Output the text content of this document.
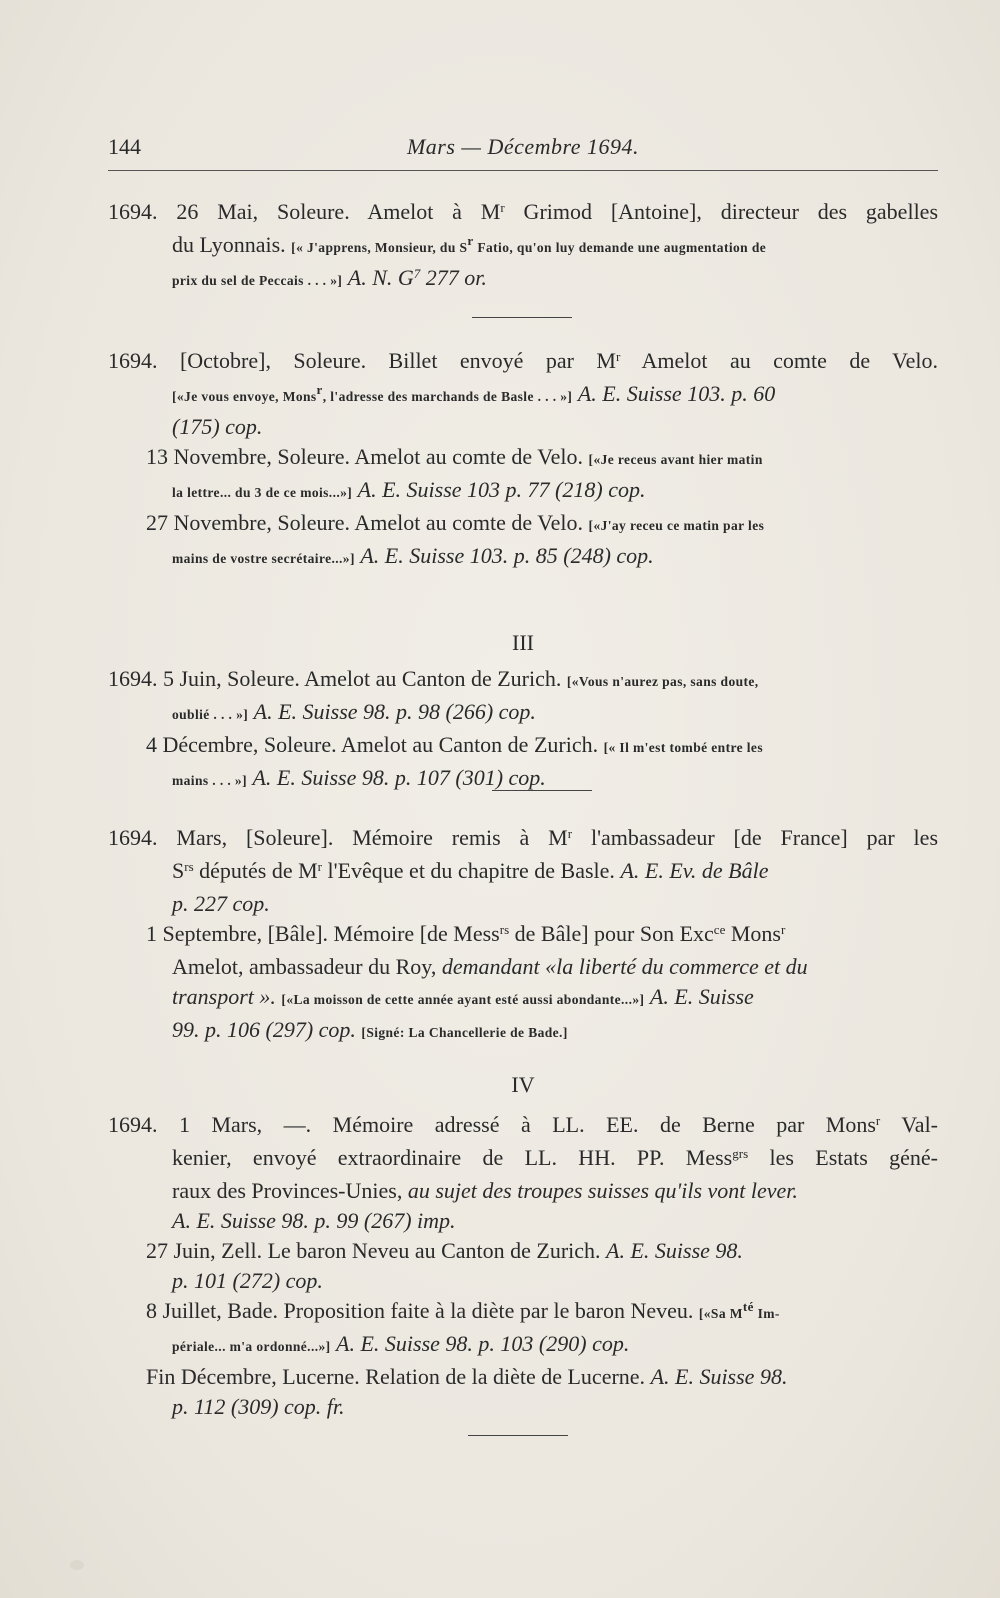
144	Mars — Décembre 1694.
1694. 26 Mai, Soleure. Amelot à $M^r$ Grimod [Antoine], directeur des gabelles
du Lyonnais. [« J'apprens, Monsieur, du $S^r$ Fatio, qu'on luy demande une augmentation de
prix du sel de Peccais . . . »] A. N. $G^7$ 277 or.
1694. [Octobre], Soleure. Billet envoyé par $M^r$ Amelot au comte de Velo.
[«Je vous envoye, Mons$^r$, l'adresse des marchands de Basle . . . »] A. E. Suisse 103. p. 60
(175) cop.
13 Novembre, Soleure. Amelot au comte de Velo. [«Je receus avant hier matin
la lettre... du 3 de ce mois...»] A. E. Suisse 103 p. 77 (218) cop.
27 Novembre, Soleure. Amelot au comte de Velo. [«J'ay receu ce matin par les
mains de vostre secrétaire...»] A. E. Suisse 103. p. 85 (248) cop.
III
1694. 5 Juin, Soleure. Amelot au Canton de Zurich. [«Vous n'aurez pas, sans doute,
oublié . . . »] A. E. Suisse 98. p. 98 (266) cop.
4 Décembre, Soleure. Amelot au Canton de Zurich. [« Il m'est tombé entre les
mains . . . »] A. E. Suisse 98. p. 107 (301) cop.
1694. Mars, [Soleure]. Mémoire remis à $M^r$ l'ambassadeur [de France] par les
$S^{rs}$ députés de $M^r$ l'Evêque et du chapitre de Basle. A. E. Ev. de Bâle
p. 227 cop.
1 Septembre, [Bâle]. Mémoire [de Mess$^{rs}$ de Bâle] pour Son Exc$^{ce}$ Mons$^r$
Amelot, ambassadeur du Roy, demandant «la liberté du commerce et du
transport ». [«La moisson de cette année ayant esté aussi abondante...»] A. E. Suisse
99. p. 106 (297) cop. [Signé: La Chancellerie de Bade.]
IV
1694. 1 Mars, —. Mémoire adressé à LL. EE. de Berne par Mons$^r$ Val-
kenier, envoyé extraordinaire de LL. HH. PP. Mess$^{grs}$ les Estats géné-
raux des Provinces-Unies, au sujet des troupes suisses qu'ils vont lever.
A. E. Suisse 98. p. 99 (267) imp.
27 Juin, Zell. Le baron Neveu au Canton de Zurich. A. E. Suisse 98.
p. 101 (272) cop.
8 Juillet, Bade. Proposition faite à la diète par le baron Neveu. [«Sa $M^{té}$ Im-
périale... m'a ordonné...»] A. E. Suisse 98. p. 103 (290) cop.
Fin Décembre, Lucerne. Relation de la diète de Lucerne. A. E. Suisse 98.
p. 112 (309) cop. fr.
